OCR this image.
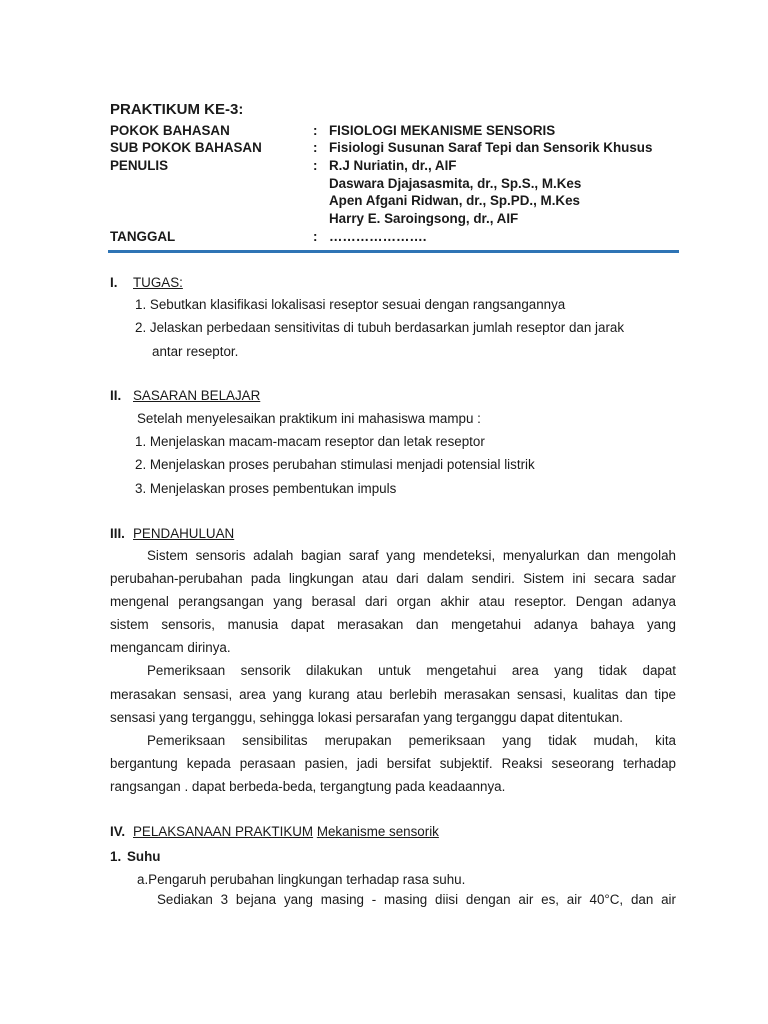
PRAKTIKUM KE-3:
POKOK BAHASAN	: FISIOLOGI MEKANISME SENSORIS
SUB POKOK BAHASAN	: Fisiologi Susunan Saraf Tepi dan Sensorik Khusus
PENULIS	: R.J Nuriatin, dr., AIF
Daswara Djajasasmita, dr., Sp.S., M.Kes
Apen Afgani Ridwan, dr., Sp.PD., M.Kes
Harry E. Saroingsong, dr., AIF
TANGGAL	: ………………….
I. TUGAS:
1. Sebutkan klasifikasi lokalisasi reseptor sesuai dengan rangsangannya
2. Jelaskan perbedaan sensitivitas di tubuh berdasarkan jumlah reseptor dan jarak
antar reseptor.
II. SASARAN BELAJAR
Setelah menyelesaikan praktikum ini mahasiswa mampu :
1. Menjelaskan macam-macam reseptor dan letak reseptor
2. Menjelaskan proses perubahan stimulasi menjadi potensial listrik
3. Menjelaskan proses pembentukan impuls
III. PENDAHULUAN
Sistem sensoris adalah bagian saraf yang mendeteksi, menyalurkan dan mengolah
perubahan-perubahan pada lingkungan atau dari dalam sendiri. Sistem ini secara sadar
mengenal perangsangan yang berasal dari organ akhir atau reseptor. Dengan adanya
sistem sensoris, manusia dapat merasakan dan mengetahui adanya bahaya yang
mengancam dirinya.
Pemeriksaan sensorik dilakukan untuk mengetahui area yang tidak dapat
merasakan sensasi, area yang kurang atau berlebih merasakan sensasi, kualitas dan tipe
sensasi yang terganggu, sehingga lokasi persarafan yang terganggu dapat ditentukan.
Pemeriksaan sensibilitas merupakan pemeriksaan yang tidak mudah, kita
bergantung kepada perasaan pasien, jadi bersifat subjektif. Reaksi seseorang terhadap
rangsangan . dapat berbeda-beda, tergangtung pada keadaannya.
IV. PELAKSANAAN PRAKTIKUM Mekanisme sensorik
1. Suhu
a.Pengaruh perubahan lingkungan terhadap rasa suhu.
Sediakan 3 bejana yang masing - masing diisi dengan air es, air 40°C, dan air
